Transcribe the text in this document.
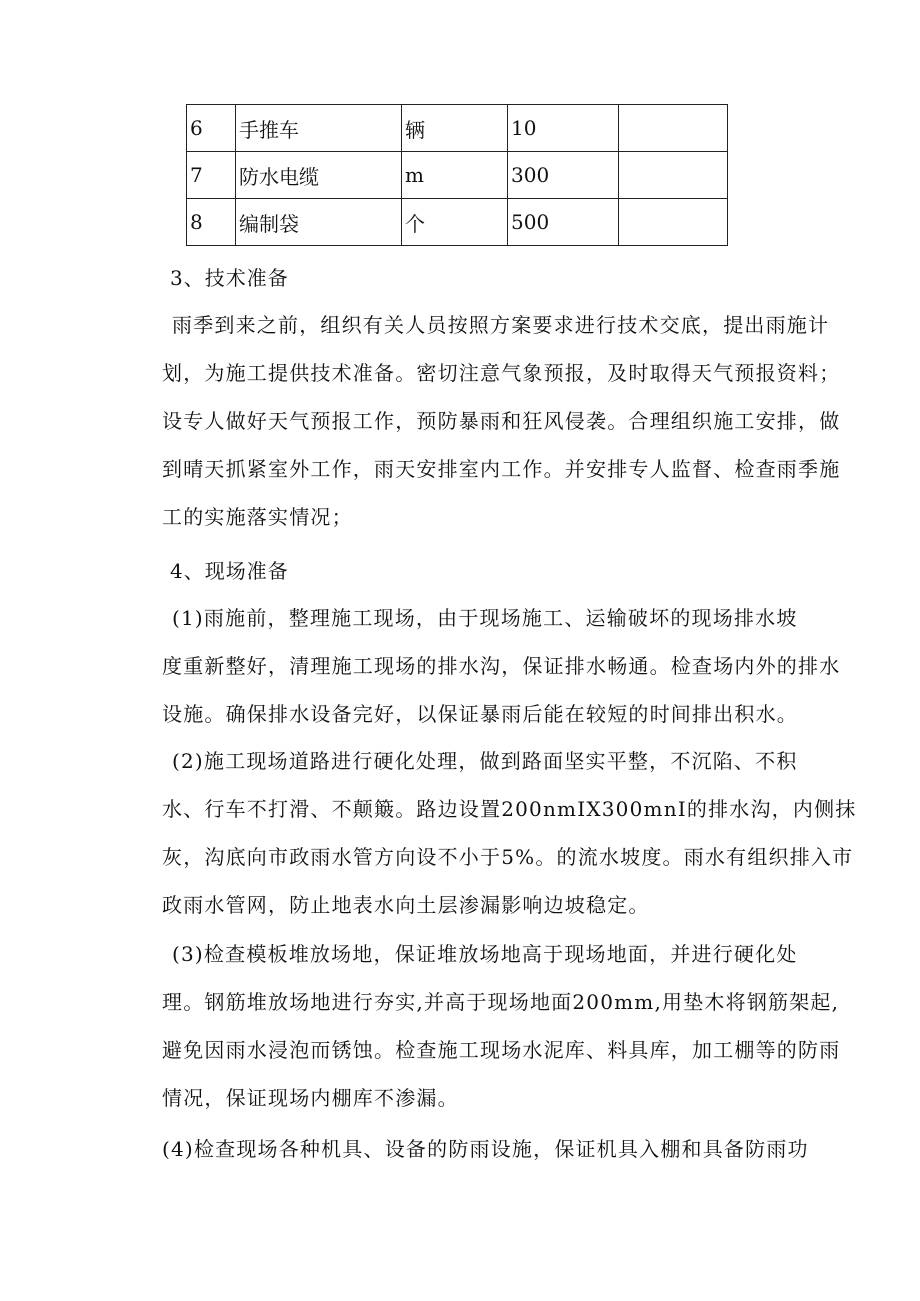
6	手推车	辆	10	
7	防水电缆	m	300	
8	编制袋	个	500	

3、技术准备

雨季到来之前，组织有关人员按照方案要求进行技术交底，提出雨施计

划，为施工提供技术准备。密切注意气象预报，及时取得天气预报资料；

设专人做好天气预报工作，预防暴雨和狂风侵袭。合理组织施工安排，做

到晴天抓紧室外工作，雨天安排室内工作。并安排专人监督、检查雨季施

工的实施落实情况；

4、现场准备

(1)雨施前，整理施工现场，由于现场施工、运输破坏的现场排水坡

度重新整好，清理施工现场的排水沟，保证排水畅通。检查场内外的排水

设施。确保排水设备完好，以保证暴雨后能在较短的时间排出积水。

(2)施工现场道路进行硬化处理，做到路面坚实平整，不沉陷、不积

水、行车不打滑、不颠簸。路边设置200nmIX300mnI的排水沟，内侧抹

灰，沟底向市政雨水管方向设不小于5%。的流水坡度。雨水有组织排入市

政雨水管网，防止地表水向土层渗漏影响边坡稳定。

(3)检查模板堆放场地，保证堆放场地高于现场地面，并进行硬化处

理。钢筋堆放场地进行夯实,并高于现场地面200mm,用垫木将钢筋架起,

避免因雨水浸泡而锈蚀。检查施工现场水泥库、料具库，加工棚等的防雨

情况，保证现场内棚库不渗漏。

(4)检查现场各种机具、设备的防雨设施，保证机具入棚和具备防雨功
